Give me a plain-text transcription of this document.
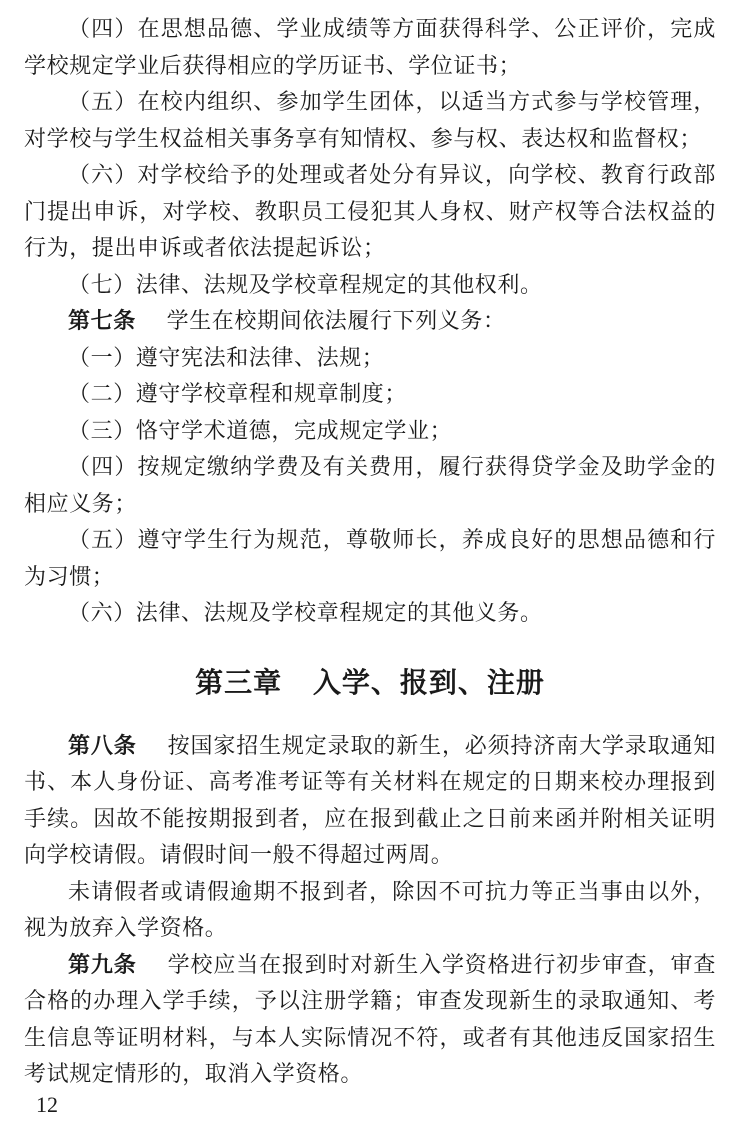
（四）在思想品德、学业成绩等方面获得科学、公正评价，完成学校规定学业后获得相应的学历证书、学位证书；

（五）在校内组织、参加学生团体，以适当方式参与学校管理，对学校与学生权益相关事务享有知情权、参与权、表达权和监督权；

（六）对学校给予的处理或者处分有异议，向学校、教育行政部门提出申诉，对学校、教职员工侵犯其人身权、财产权等合法权益的行为，提出申诉或者依法提起诉讼；

（七）法律、法规及学校章程规定的其他权利。

第七条 学生在校期间依法履行下列义务：

（一）遵守宪法和法律、法规；

（二）遵守学校章程和规章制度；

（三）恪守学术道德，完成规定学业；

（四）按规定缴纳学费及有关费用，履行获得贷学金及助学金的相应义务；

（五）遵守学生行为规范，尊敬师长，养成良好的思想品德和行为习惯；

（六）法律、法规及学校章程规定的其他义务。

第三章 入学、报到、注册

第八条 按国家招生规定录取的新生，必须持济南大学录取通知书、本人身份证、高考准考证等有关材料在规定的日期来校办理报到手续。因故不能按期报到者，应在报到截止之日前来函并附相关证明向学校请假。请假时间一般不得超过两周。

未请假者或请假逾期不报到者，除因不可抗力等正当事由以外，视为放弃入学资格。

第九条 学校应当在报到时对新生入学资格进行初步审查，审查合格的办理入学手续，予以注册学籍；审查发现新生的录取通知、考生信息等证明材料，与本人实际情况不符，或者有其他违反国家招生考试规定情形的，取消入学资格。

12
